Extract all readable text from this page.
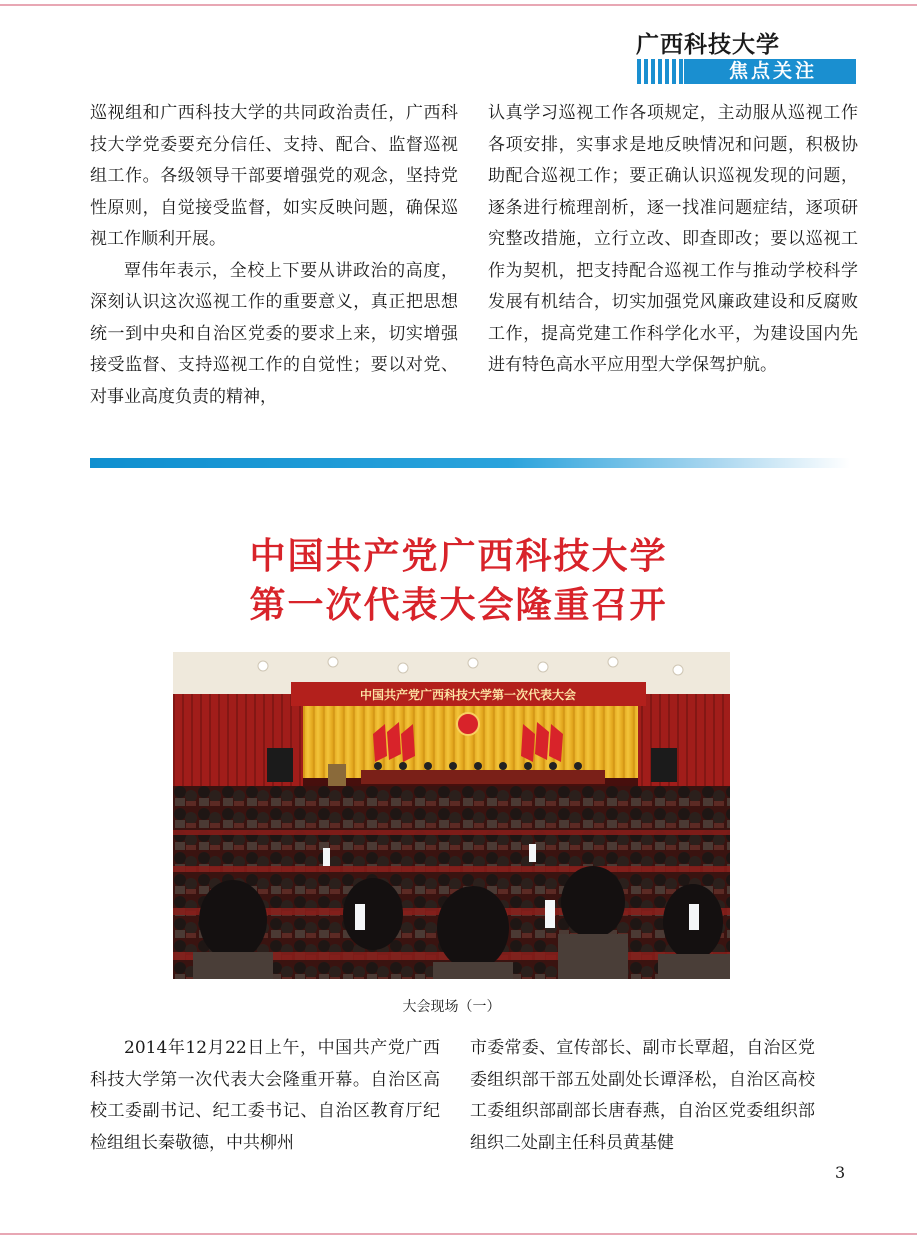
广西科技大学
焦点关注

巡视组和广西科技大学的共同政治责任，广西科技大学党委要充分信任、支持、配合、监督巡视组工作。各级领导干部要增强党的观念，坚持党性原则，自觉接受监督，如实反映问题，确保巡视工作顺利开展。

覃伟年表示，全校上下要从讲政治的高度，深刻认识这次巡视工作的重要意义，真正把思想统一到中央和自治区党委的要求上来，切实增强接受监督、支持巡视工作的自觉性；要以对党、对事业高度负责的精神，

认真学习巡视工作各项规定，主动服从巡视工作各项安排，实事求是地反映情况和问题，积极协助配合巡视工作；要正确认识巡视发现的问题，逐条进行梳理剖析，逐一找准问题症结，逐项研究整改措施，立行立改、即查即改；要以巡视工作为契机，把支持配合巡视工作与推动学校科学发展有机结合，切实加强党风廉政建设和反腐败工作，提高党建工作科学化水平，为建设国内先进有特色高水平应用型大学保驾护航。

中国共产党广西科技大学
第一次代表大会隆重召开
中国共产党广西科技大学第一次代表大会
大会现场（一）

2014年12月22日上午，中国共产党广西科技大学第一次代表大会隆重开幕。自治区高校工委副书记、纪工委书记、自治区教育厅纪检组组长秦敬德，中共柳州

市委常委、宣传部长、副市长覃超，自治区党委组织部干部五处副处长谭泽松，自治区高校工委组织部副部长唐春燕，自治区党委组织部组织二处副主任科员黄基健

3
